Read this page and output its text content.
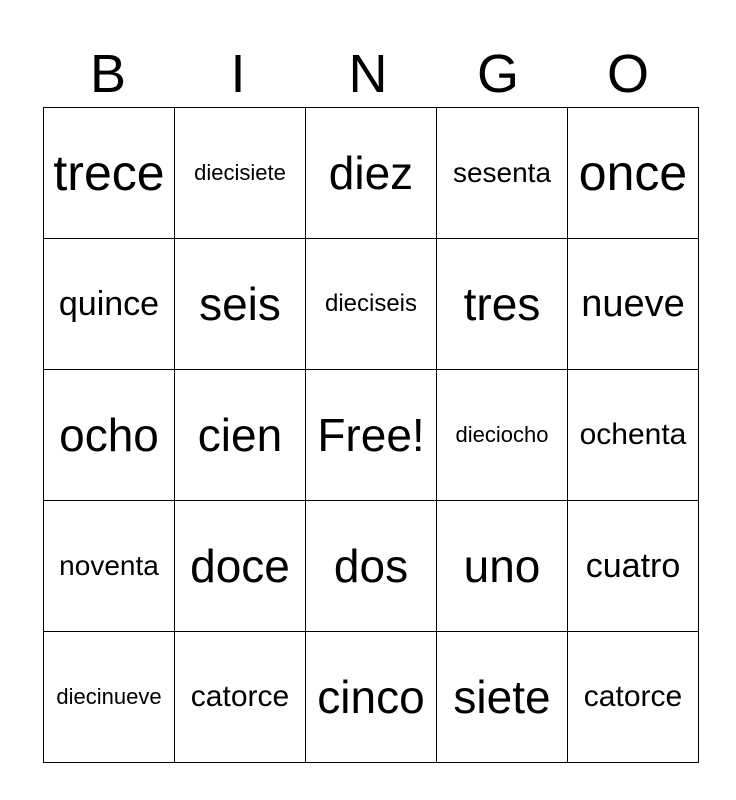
B	I	N	G	O
trece	diecisiete	diez	sesenta	once
quince	seis	dieciseis	tres	nueve
ocho	cien	Free!	dieciocho	ochenta
noventa	doce	dos	uno	cuatro
diecinueve	catorce	cinco	siete	catorce
